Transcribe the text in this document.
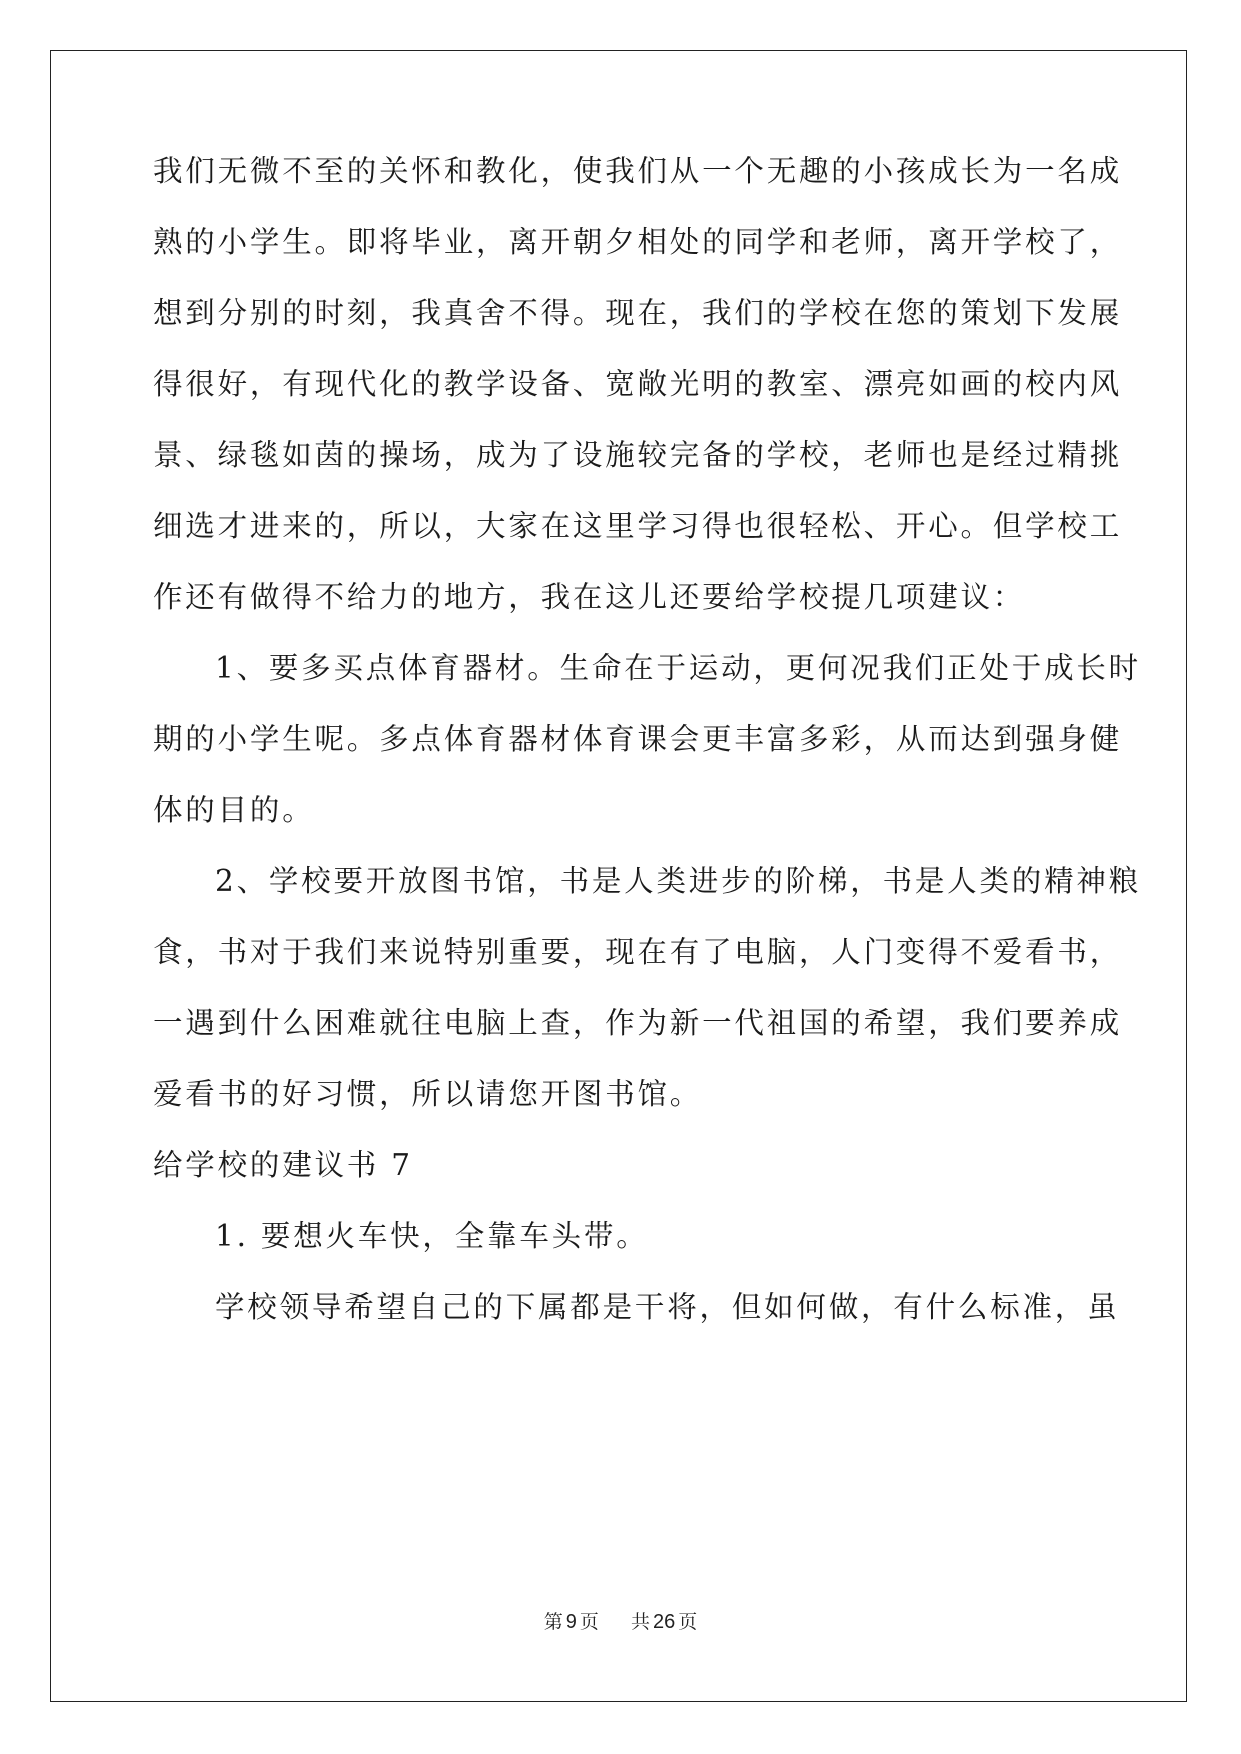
我们无微不至的关怀和教化，使我们从一个无趣的小孩成长为一名成
熟的小学生。即将毕业，离开朝夕相处的同学和老师，离开学校了，
想到分别的时刻，我真舍不得。现在，我们的学校在您的策划下发展
得很好，有现代化的教学设备、宽敞光明的教室、漂亮如画的校内风
景、绿毯如茵的操场，成为了设施较完备的学校，老师也是经过精挑
细选才进来的，所以，大家在这里学习得也很轻松、开心。但学校工
作还有做得不给力的地方，我在这儿还要给学校提几项建议：
1、要多买点体育器材。生命在于运动，更何况我们正处于成长时
期的小学生呢。多点体育器材体育课会更丰富多彩，从而达到强身健
体的目的。
2、学校要开放图书馆，书是人类进步的阶梯，书是人类的精神粮
食，书对于我们来说特别重要，现在有了电脑，人门变得不爱看书，
一遇到什么困难就往电脑上查，作为新一代祖国的希望，我们要养成
爱看书的好习惯，所以请您开图书馆。
给学校的建议书 7
1. 要想火车快，全靠车头带。
学校领导希望自己的下属都是干将，但如何做，有什么标准，虽
第 9 页 共 26 页
